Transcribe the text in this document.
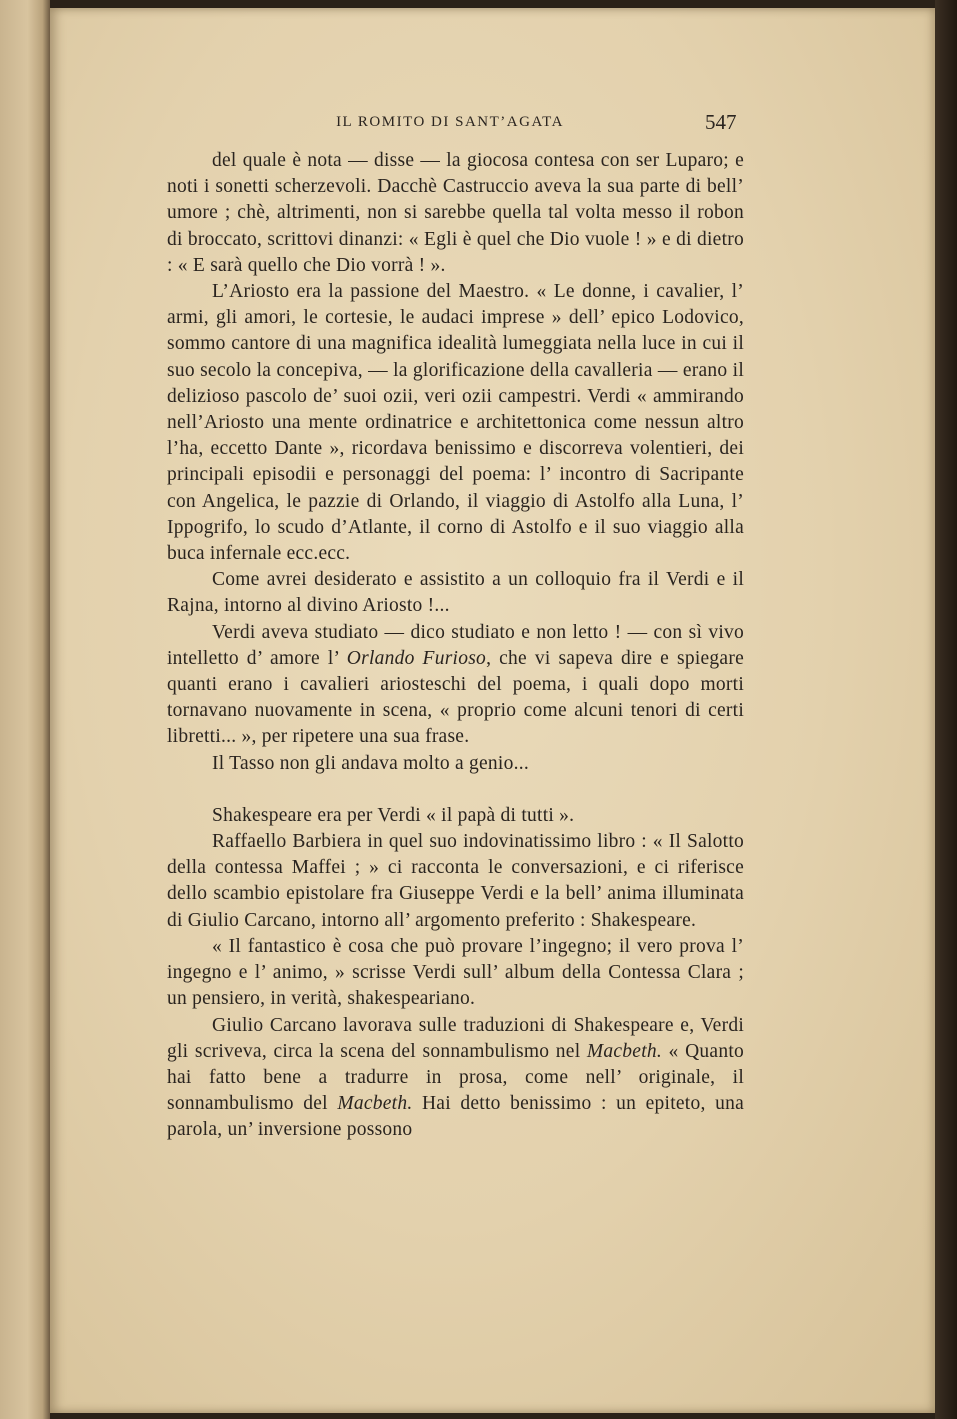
IL ROMITO DI SANT’AGATA	547

del quale è nota — disse — la giocosa contesa con ser Luparo; e noti i sonetti scherzevoli. Dacchè Castruccio aveva la sua parte di bell’ umore ; chè, altrimenti, non si sarebbe quella tal volta messo il robon di broccato, scrittovi dinanzi: « Egli è quel che Dio vuole ! » e di dietro : « E sarà quello che Dio vorrà ! ».

L’Ariosto era la passione del Maestro. « Le donne, i cavalier, l’ armi, gli amori, le cortesie, le audaci imprese » dell’ epico Lodovico, sommo cantore di una magnifica idealità lumeggiata nella luce in cui il suo secolo la concepiva, — la glorificazione della cavalleria — erano il delizioso pascolo de’ suoi ozii, veri ozii campestri. Verdi « ammirando nell’Ariosto una mente ordinatrice e architettonica come nessun altro l’ha, eccetto Dante », ricordava benissimo e discorreva volentieri, dei principali episodii e personaggi del poema: l’ incontro di Sacripante con Angelica, le pazzie di Orlando, il viaggio di Astolfo alla Luna, l’ Ippogrifo, lo scudo d’Atlante, il corno di Astolfo e il suo viaggio alla buca infernale ecc.ecc.

Come avrei desiderato e assistito a un colloquio fra il Verdi e il Rajna, intorno al divino Ariosto !...

Verdi aveva studiato — dico studiato e non letto ! — con sì vivo intelletto d’ amore l’ Orlando Furioso, che vi sapeva dire e spiegare quanti erano i cavalieri ariosteschi del poema, i quali dopo morti tornavano nuovamente in scena, « proprio come alcuni tenori di certi libretti... », per ripetere una sua frase.

Il Tasso non gli andava molto a genio...

Shakespeare era per Verdi « il papà di tutti ».

Raffaello Barbiera in quel suo indovinatissimo libro : « Il Salotto della contessa Maffei ; » ci racconta le conversazioni, e ci riferisce dello scambio epistolare fra Giuseppe Verdi e la bell’ anima illuminata di Giulio Carcano, intorno all’ argomento preferito : Shakespeare.

« Il fantastico è cosa che può provare l’ingegno; il vero prova l’ ingegno e l’ animo, » scrisse Verdi sull’ album della Contessa Clara ; un pensiero, in verità, shakespeariano.

Giulio Carcano lavorava sulle traduzioni di Shakespeare e, Verdi gli scriveva, circa la scena del sonnambulismo nel Macbeth. « Quanto hai fatto bene a tradurre in prosa, come nell’ originale, il sonnambulismo del Macbeth. Hai detto benissimo : un epiteto, una parola, un’ inversione possono
